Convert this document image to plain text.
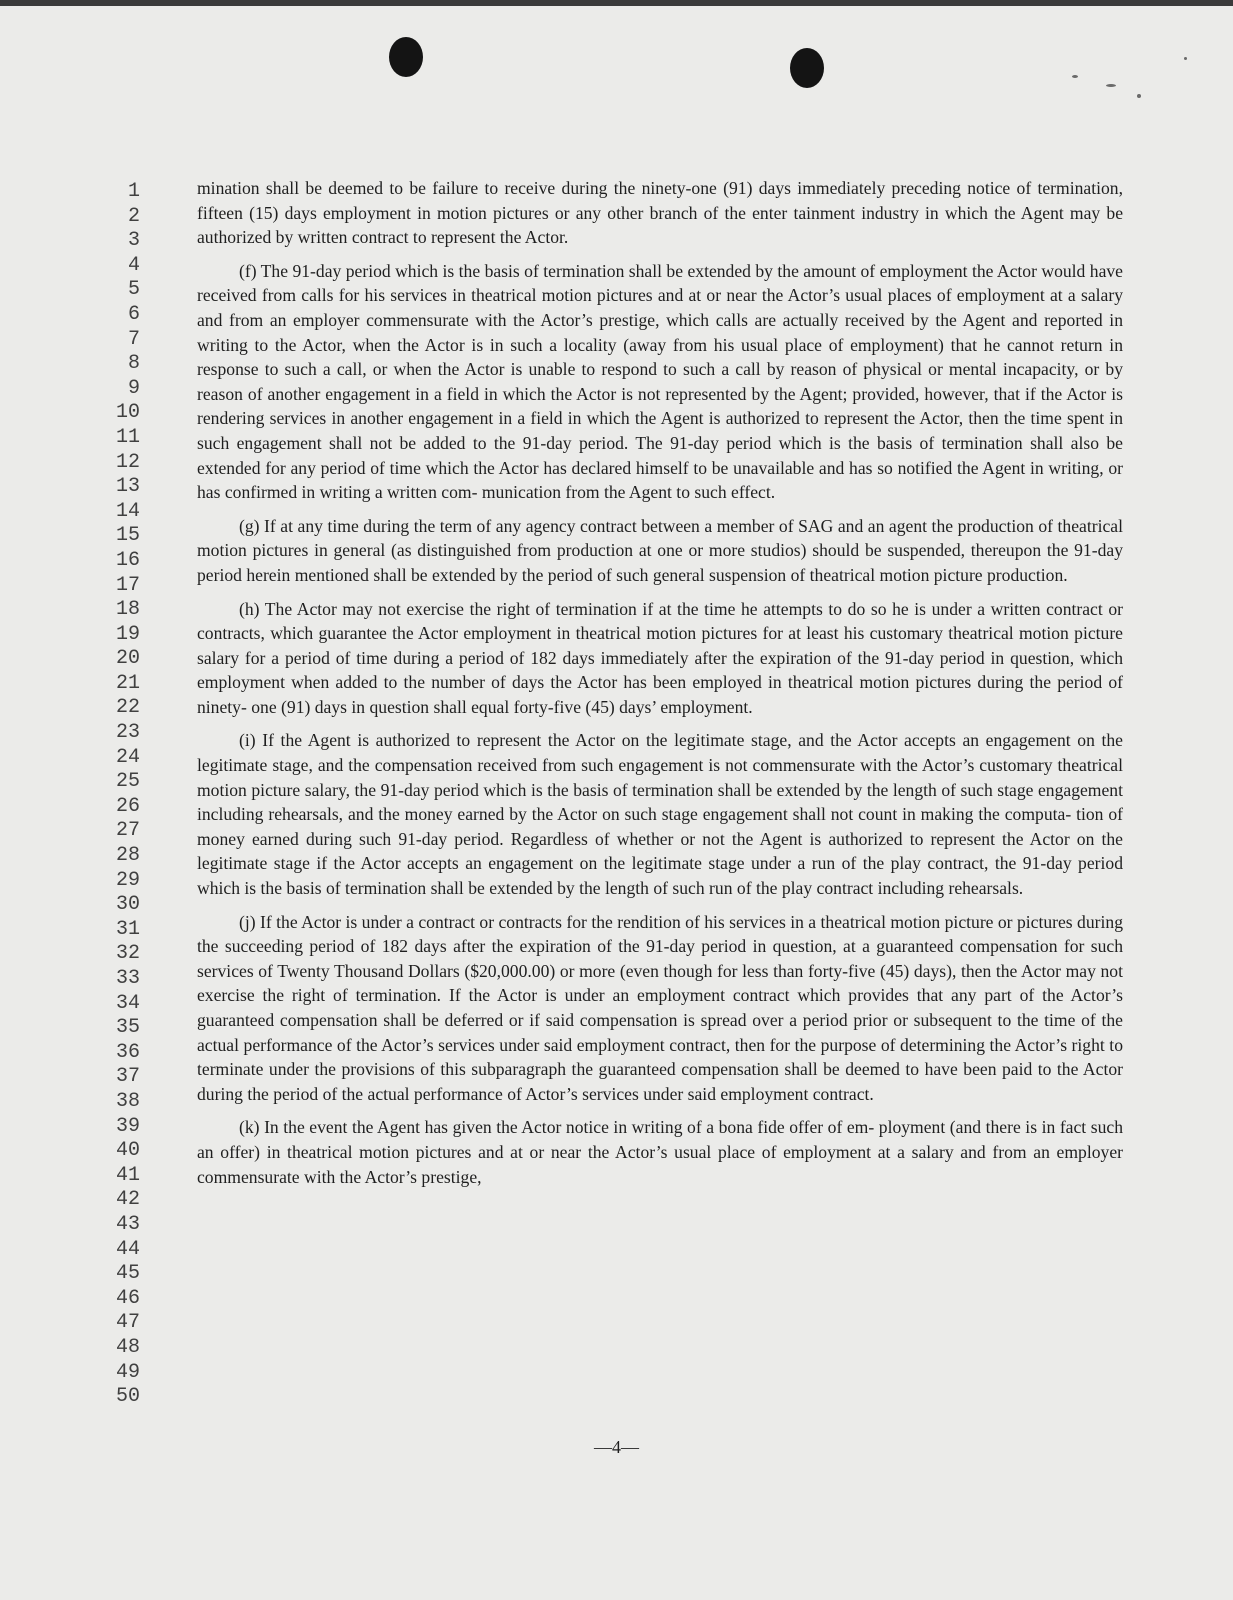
1
2
3
4
5
6
7
8
9
10
11
12
13
14
15
16
17
18
19
20
21
22
23
24
25
26
27
28
29
30
31
32
33
34
35
36
37
38
39
40
41
42
43
44
45
46
47
48
49
50

mination shall be deemed to be failure to receive during the ninety-one (91) days immediately preceding notice of termination, fifteen (15) days employment in motion pictures or any other branch of the enter tainment industry in which the Agent may be authorized by written contract to represent the Actor.

(f) The 91-day period which is the basis of termination shall be extended by the amount of employment the Actor would have received from calls for his services in theatrical motion pictures and at or near the Actor’s usual places of employment at a salary and from an employer commensurate with the Actor’s prestige, which calls are actually received by the Agent and reported in writing to the Actor, when the Actor is in such a locality (away from his usual place of employment) that he cannot return in response to such a call, or when the Actor is unable to respond to such a call by reason of physical or mental incapacity, or by reason of another engagement in a field in which the Actor is not represented by the Agent; provided, however, that if the Actor is rendering services in another engagement in a field in which the Agent is authorized to represent the Actor, then the time spent in such engagement shall not be added to the 91-day period. The 91-day period which is the basis of termination shall also be extended for any period of time which the Actor has declared himself to be unavailable and has so notified the Agent in writing, or has confirmed in writing a written com- munication from the Agent to such effect.

(g) If at any time during the term of any agency contract between a member of SAG and an agent the production of theatrical motion pictures in general (as distinguished from production at one or more studios) should be suspended, thereupon the 91-day period herein mentioned shall be extended by the period of such general suspension of theatrical motion picture production.

(h) The Actor may not exercise the right of termination if at the time he attempts to do so he is under a written contract or contracts, which guarantee the Actor employment in theatrical motion pictures for at least his customary theatrical motion picture salary for a period of time during a period of 182 days immediately after the expiration of the 91-day period in question, which employment when added to the number of days the Actor has been employed in theatrical motion pictures during the period of ninety- one (91) days in question shall equal forty-five (45) days’ employment.

(i) If the Agent is authorized to represent the Actor on the legitimate stage, and the Actor accepts an engagement on the legitimate stage, and the compensation received from such engagement is not commensurate with the Actor’s customary theatrical motion picture salary, the 91-day period which is the basis of termination shall be extended by the length of such stage engagement including rehearsals, and the money earned by the Actor on such stage engagement shall not count in making the computa- tion of money earned during such 91-day period. Regardless of whether or not the Agent is authorized to represent the Actor on the legitimate stage if the Actor accepts an engagement on the legitimate stage under a run of the play contract, the 91-day period which is the basis of termination shall be extended by the length of such run of the play contract including rehearsals.

(j) If the Actor is under a contract or contracts for the rendition of his services in a theatrical motion picture or pictures during the succeeding period of 182 days after the expiration of the 91-day period in question, at a guaranteed compensation for such services of Twenty Thousand Dollars ($20,000.00) or more (even though for less than forty-five (45) days), then the Actor may not exercise the right of termination. If the Actor is under an employment contract which provides that any part of the Actor’s guaranteed compensation shall be deferred or if said compensation is spread over a period prior or subsequent to the time of the actual performance of the Actor’s services under said employment contract, then for the purpose of determining the Actor’s right to terminate under the provisions of this subparagraph the guaranteed compensation shall be deemed to have been paid to the Actor during the period of the actual performance of Actor’s services under said employment contract.

(k) In the event the Agent has given the Actor notice in writing of a bona fide offer of em- ployment (and there is in fact such an offer) in theatrical motion pictures and at or near the Actor’s usual place of employment at a salary and from an employer commensurate with the Actor’s prestige,

—4—
